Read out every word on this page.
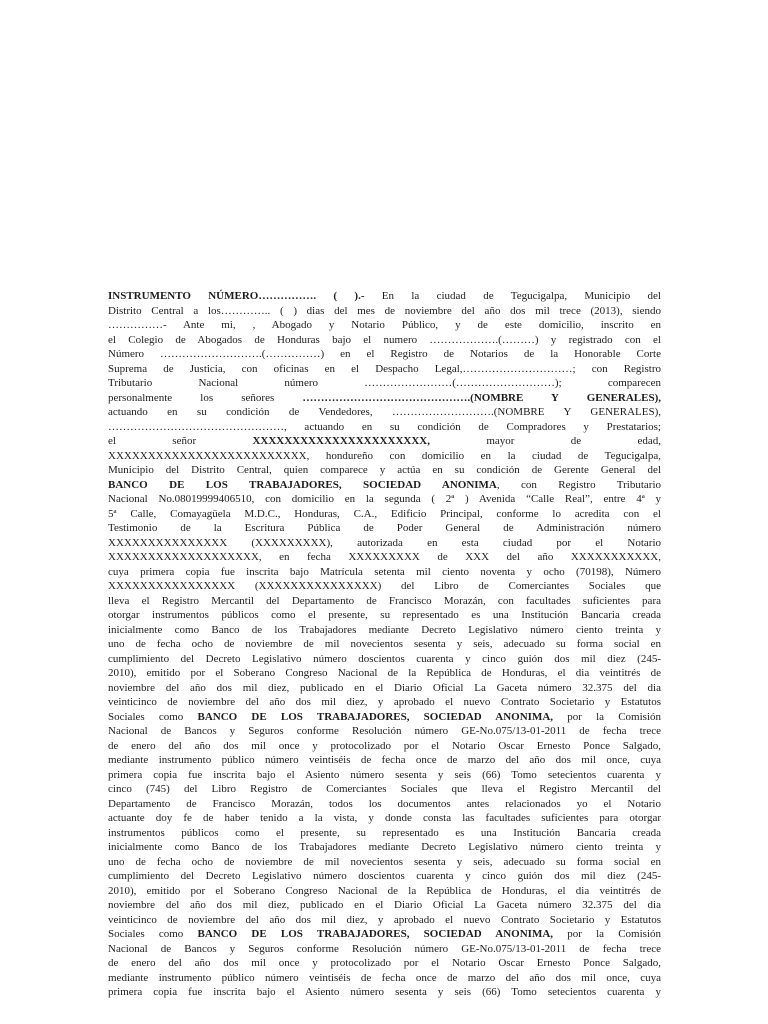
INSTRUMENTO NÚMERO……………. ( ).- En la ciudad de Tegucigalpa, Municipio del
Distrito Central a los………….. ( ) dias del mes de noviembre del año dos mil trece (2013), siendo
……………- Ante mi, , Abogado y Notario Público, y de este domicilio, inscrito en
el Colegio de Abogados de Honduras bajo el numero ……………….(………) y registrado con el
Número ……………………….(……………) en el Registro de Notarios de la Honorable Corte
Suprema de Justicia, con oficinas en el Despacho Legal,…………………………; con Registro
Tributario Nacional número ……………………(………………………); comparecen
personalmente los señores ……………………………………….(NOMBRE Y GENERALES),
actuando en su condición de Vendedores, ……………………….(NOMBRE Y GENERALES),
…………………………………………, actuando en su condición de Compradores y Prestatarios;
el señor XXXXXXXXXXXXXXXXXXXXXX, mayor de edad,
XXXXXXXXXXXXXXXXXXXXXXXXX, hondureño con domicilio en la ciudad de Tegucigalpa,
Municipio del Distrito Central, quien comparece y actúa en su condición de Gerente General del
BANCO DE LOS TRABAJADORES, SOCIEDAD ANONIMA, con Registro Tributario
Nacional No.08019999406510, con domicilio en la segunda ( 2ª ) Avenida “Calle Real”, entre 4ª y
5ª Calle, Comayagüela M.D.C., Honduras, C.A., Edificio Principal, conforme lo acredita con el
Testimonio de la Escritura Pública de Poder General de Administración número
XXXXXXXXXXXXXXX (XXXXXXXXX), autorizada en esta ciudad por el Notario
XXXXXXXXXXXXXXXXXXX, en fecha XXXXXXXXX de XXX del año XXXXXXXXXXX,
cuya primera copia fue inscrita bajo Matrícula setenta mil ciento noventa y ocho (70198), Número
XXXXXXXXXXXXXXXX (XXXXXXXXXXXXXXX) del Libro de Comerciantes Sociales que
lleva el Registro Mercantil del Departamento de Francisco Morazán, con facultades suficientes para
otorgar instrumentos públicos como el presente, su representado es una Institución Bancaria creada
inicialmente como Banco de los Trabajadores mediante Decreto Legislativo número ciento treinta y
uno de fecha ocho de noviembre de mil novecientos sesenta y seis, adecuado su forma social en
cumplimiento del Decreto Legislativo número doscientos cuarenta y cinco guión dos mil diez (245-
2010), emitido por el Soberano Congreso Nacional de la República de Honduras, el dia veintitrés de
noviembre del año dos mil diez, publicado en el Diario Oficial La Gaceta número 32.375 del dia
veinticinco de noviembre del año dos mil diez, y aprobado el nuevo Contrato Societario y Estatutos
Sociales como BANCO DE LOS TRABAJADORES, SOCIEDAD ANONIMA, por la Comisión
Nacional de Bancos y Seguros conforme Resolución número GE-No.075/13-01-2011 de fecha trece
de enero del año dos mil once y protocolizado por el Notario Oscar Ernesto Ponce Salgado,
mediante instrumento público número veintiséis de fecha once de marzo del año dos mil once, cuya
primera copia fue inscrita bajo el Asiento número sesenta y seis (66) Tomo setecientos cuarenta y
cinco (745) del Libro Registro de Comerciantes Sociales que lleva el Registro Mercantil del
Departamento de Francisco Morazán, todos los documentos antes relacionados yo el Notario
actuante doy fe de haber tenido a la vista, y donde consta las facultades suficientes para otorgar
instrumentos públicos como el presente, su representado es una Institución Bancaria creada
inicialmente como Banco de los Trabajadores mediante Decreto Legislativo número ciento treinta y
uno de fecha ocho de noviembre de mil novecientos sesenta y seis, adecuado su forma social en
cumplimiento del Decreto Legislativo número doscientos cuarenta y cinco guión dos mil diez (245-
2010), emitido por el Soberano Congreso Nacional de la República de Honduras, el dia veintitrés de
noviembre del año dos mil diez, publicado en el Diario Oficial La Gaceta número 32.375 del dia
veinticinco de noviembre del año dos mil diez, y aprobado el nuevo Contrato Societario y Estatutos
Sociales como BANCO DE LOS TRABAJADORES, SOCIEDAD ANONIMA, por la Comisión
Nacional de Bancos y Seguros conforme Resolución número GE-No.075/13-01-2011 de fecha trece
de enero del año dos mil once y protocolizado por el Notario Oscar Ernesto Ponce Salgado,
mediante instrumento público número veintiséis de fecha once de marzo del año dos mil once, cuya
primera copia fue inscrita bajo el Asiento número sesenta y seis (66) Tomo setecientos cuarenta y
